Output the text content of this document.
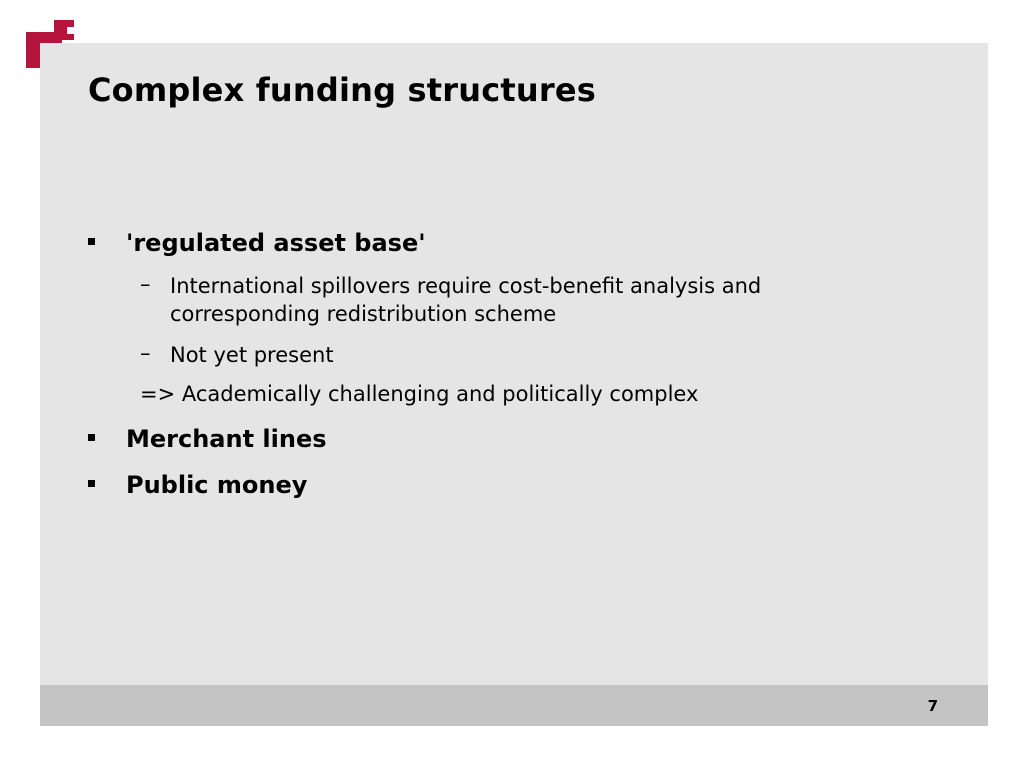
Complex funding structures
'regulated asset base'
– International spillovers require cost-benefit analysis and corresponding redistribution scheme
– Not yet present
=> Academically challenging and politically complex
Merchant lines
Public money
7
